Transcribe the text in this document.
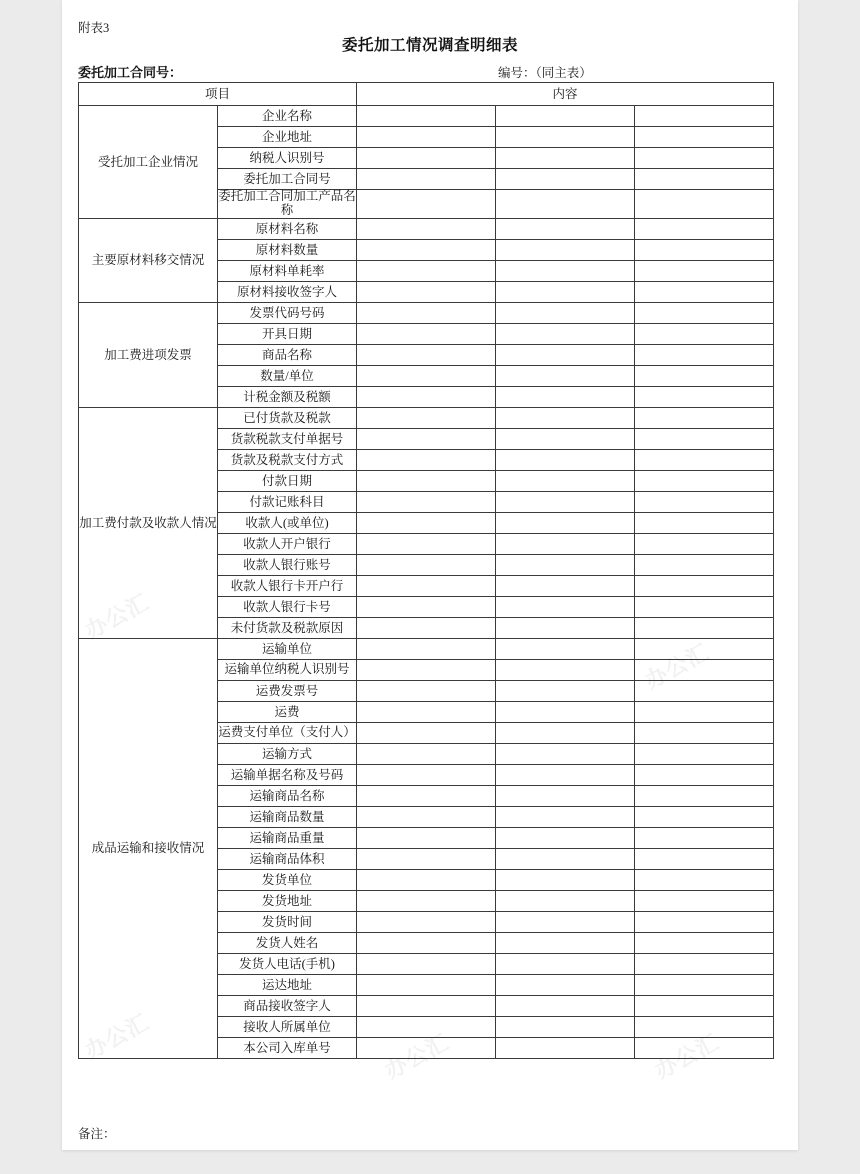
办公汇
办公汇
办公汇
办公汇	办公汇
附表3
委托加工情况调查明细表
委托加工合同号：	编号：（同主表）
项目		内容		
受托加工企业情况	企业名称			
	企业地址			
	纳税人识别号			
	委托加工合同号			
	委托加工合同加工产品名称			
主要原材料移交情况	原材料名称			
	原材料数量			
	原材料单耗率			
	原材料接收签字人			
加工费进项发票	发票代码号码			
	开具日期			
	商品名称			
	数量/单位			
	计税金额及税额			
加工费付款及收款人情况	已付货款及税款			
	货款税款支付单据号			
	货款及税款支付方式			
	付款日期			
	付款记账科目			
	收款人(或单位)			
	收款人开户银行			
	收款人银行账号			
	收款人银行卡开户行			
	收款人银行卡号			
	未付货款及税款原因			
成品运输和接收情况	运输单位			
	运输单位纳税人识别号			
	运费发票号			
	运费			
	运费支付单位（支付人）			
	运输方式			
	运输单据名称及号码			
	运输商品名称			
	运输商品数量			
	运输商品重量			
	运输商品体积			
	发货单位			
	发货地址			
	发货时间			
	发货人姓名			
	发货人电话(手机)			
	运达地址			
	商品接收签字人			
	接收人所属单位			
	本公司入库单号			
备注：
